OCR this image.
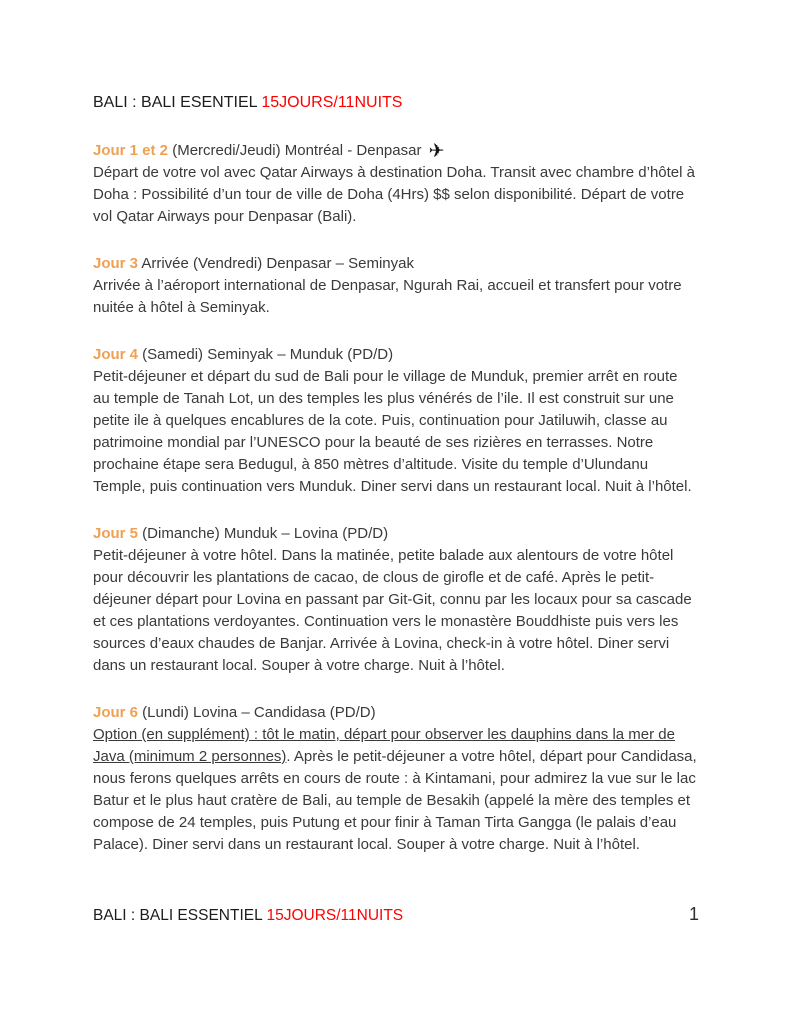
BALI : BALI ESENTIEL 15JOURS/11NUITS
Jour 1 et 2 (Mercredi/Jeudi) Montréal - Denpasar ✈
Départ de votre vol avec Qatar Airways à destination Doha. Transit avec chambre d’hôtel à Doha : Possibilité d’un tour de ville de Doha (4Hrs) $$ selon disponibilité. Départ de votre vol Qatar Airways pour Denpasar (Bali).
Jour 3 Arrivée (Vendredi) Denpasar – Seminyak
Arrivée à l’aéroport international de Denpasar, Ngurah Rai, accueil et transfert pour votre nuitée à hôtel à Seminyak.
Jour 4 (Samedi) Seminyak – Munduk (PD/D)
Petit-déjeuner et départ du sud de Bali pour le village de Munduk, premier arrêt en route au temple de Tanah Lot, un des temples les plus vénérés de l’ile. Il est construit sur une petite ile à quelques encablures de la cote. Puis, continuation pour Jatiluwih, classe au patrimoine mondial par l’UNESCO pour la beauté de ses rizières en terrasses. Notre prochaine étape sera Bedugul, à 850 mètres d’altitude. Visite du temple d’Ulundanu Temple, puis continuation vers Munduk. Diner servi dans un restaurant local. Nuit à l’hôtel.
Jour 5 (Dimanche) Munduk – Lovina (PD/D)
Petit-déjeuner à votre hôtel. Dans la matinée, petite balade aux alentours de votre hôtel pour découvrir les plantations de cacao, de clous de girofle et de café. Après le petit-déjeuner départ pour Lovina en passant par Git-Git, connu par les locaux pour sa cascade et ces plantations verdoyantes. Continuation vers le monastère Bouddhiste puis vers les sources d’eaux chaudes de Banjar. Arrivée à Lovina, check-in à votre hôtel. Diner servi dans un restaurant local. Souper à votre charge. Nuit à l’hôtel.
Jour 6 (Lundi) Lovina – Candidasa (PD/D)
Option (en supplément) : tôt le matin, départ pour observer les dauphins dans la mer de Java (minimum 2 personnes). Après le petit-déjeuner a votre hôtel, départ pour Candidasa, nous ferons quelques arrêts en cours de route : à Kintamani, pour admirez la vue sur le lac Batur et le plus haut cratère de Bali, au temple de Besakih (appelé la mère des temples et compose de 24 temples, puis Putung et pour finir à Taman Tirta Gangga (le palais d’eau Palace). Diner servi dans un restaurant local. Souper à votre charge. Nuit à l’hôtel.
BALI : BALI ESSENTIEL 15JOURS/11NUITS	1
